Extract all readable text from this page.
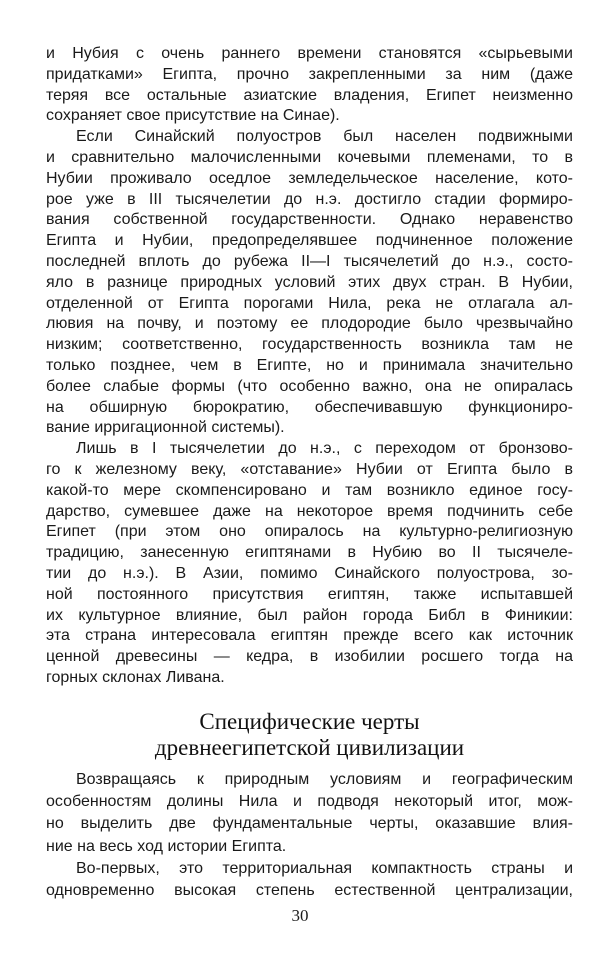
и Нубия с очень раннего времени становятся «сырьевыми
придатками» Египта, прочно закрепленными за ним (даже
теряя все остальные азиатские владения, Египет неизменно
сохраняет свое присутствие на Синае).
Если Синайский полуостров был населен подвижными
и сравнительно малочисленными кочевыми племенами, то в
Нубии проживало оседлое земледельческое население, кото-
рое уже в III тысячелетии до н.э. достигло стадии формиро-
вания собственной государственности. Однако неравенство
Египта и Нубии, предопределявшее подчиненное положение
последней вплоть до рубежа II—I тысячелетий до н.э., состо-
яло в разнице природных условий этих двух стран. В Нубии,
отделенной от Египта порогами Нила, река не отлагала ал-
лювия на почву, и поэтому ее плодородие было чрезвычайно
низким; соответственно, государственность возникла там не
только позднее, чем в Египте, но и принимала значительно
более слабые формы (что особенно важно, она не опиралась
на обширную бюрократию, обеспечивавшую функциониро-
вание ирригационной системы).
Лишь в I тысячелетии до н.э., с переходом от бронзово-
го к железному веку, «отставание» Нубии от Египта было в
какой-то мере скомпенсировано и там возникло единое госу-
дарство, сумевшее даже на некоторое время подчинить себе
Египет (при этом оно опиралось на культурно-религиозную
традицию, занесенную египтянами в Нубию во II тысячеле-
тии до н.э.). В Азии, помимо Синайского полуострова, зо-
ной постоянного присутствия египтян, также испытавшей
их культурное влияние, был район города Библ в Финикии:
эта страна интересовала египтян прежде всего как источник
ценной древесины — кедра, в изобилии росшего тогда на
горных склонах Ливана.
Специфические черты
древнеегипетской цивилизации
Возвращаясь к природным условиям и географическим
особенностям долины Нила и подводя некоторый итог, мож-
но выделить две фундаментальные черты, оказавшие влия-
ние на весь ход истории Египта.
Во-первых, это территориальная компактность страны и
одновременно высокая степень естественной централизации,
30
